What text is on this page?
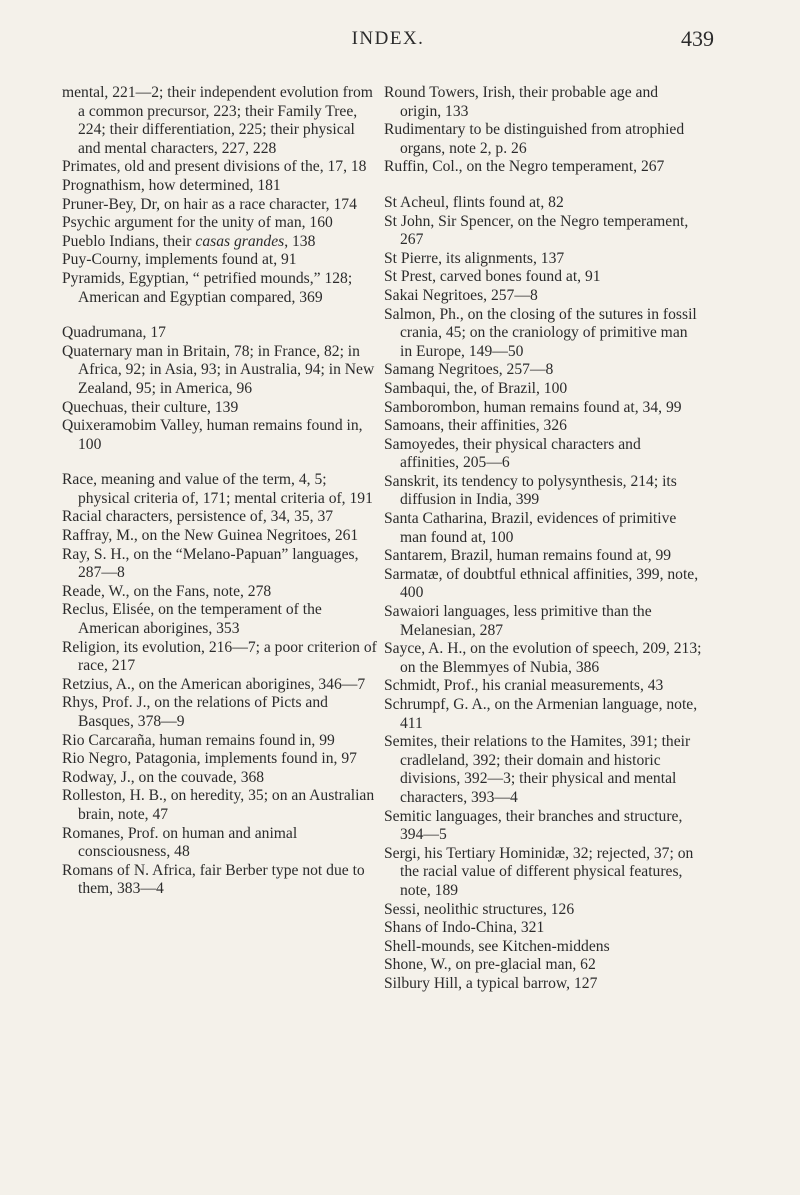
INDEX.	439

mental, 221—2; their independent evolution from a common precursor, 223; their Family Tree, 224; their differentiation, 225; their physical and mental characters, 227, 228

Primates, old and present divisions of the, 17, 18

Prognathism, how determined, 181

Pruner-Bey, Dr, on hair as a race character, 174

Psychic argument for the unity of man, 160

Pueblo Indians, their casas grandes, 138

Puy-Courny, implements found at, 91

Pyramids, Egyptian, “ petrified mounds,” 128; American and Egyptian compared, 369

Quadrumana, 17

Quaternary man in Britain, 78; in France, 82; in Africa, 92; in Asia, 93; in Australia, 94; in New Zealand, 95; in America, 96

Quechuas, their culture, 139

Quixeramobim Valley, human remains found in, 100

Race, meaning and value of the term, 4, 5; physical criteria of, 171; mental criteria of, 191

Racial characters, persistence of, 34, 35, 37

Raffray, M., on the New Guinea Negritoes, 261

Ray, S. H., on the “Melano-Papuan” languages, 287—8

Reade, W., on the Fans, note, 278

Reclus, Elisée, on the temperament of the American aborigines, 353

Religion, its evolution, 216—7; a poor criterion of race, 217

Retzius, A., on the American aborigines, 346—7

Rhys, Prof. J., on the relations of Picts and Basques, 378—9

Rio Carcaraña, human remains found in, 99

Rio Negro, Patagonia, implements found in, 97

Rodway, J., on the couvade, 368

Rolleston, H. B., on heredity, 35; on an Australian brain, note, 47

Romanes, Prof. on human and animal consciousness, 48

Romans of N. Africa, fair Berber type not due to them, 383—4

Round Towers, Irish, their probable age and origin, 133

Rudimentary to be distinguished from atrophied organs, note 2, p. 26

Ruffin, Col., on the Negro temperament, 267

St Acheul, flints found at, 82

St John, Sir Spencer, on the Negro temperament, 267

St Pierre, its alignments, 137

St Prest, carved bones found at, 91

Sakai Negritoes, 257—8

Salmon, Ph., on the closing of the sutures in fossil crania, 45; on the craniology of primitive man in Europe, 149—50

Samang Negritoes, 257—8

Sambaqui, the, of Brazil, 100

Samborombon, human remains found at, 34, 99

Samoans, their affinities, 326

Samoyedes, their physical characters and affinities, 205—6

Sanskrit, its tendency to polysynthesis, 214; its diffusion in India, 399

Santa Catharina, Brazil, evidences of primitive man found at, 100

Santarem, Brazil, human remains found at, 99

Sarmatæ, of doubtful ethnical affinities, 399, note, 400

Sawaiori languages, less primitive than the Melanesian, 287

Sayce, A. H., on the evolution of speech, 209, 213; on the Blemmyes of Nubia, 386

Schmidt, Prof., his cranial measurements, 43

Schrumpf, G. A., on the Armenian language, note, 411

Semites, their relations to the Hamites, 391; their cradleland, 392; their domain and historic divisions, 392—3; their physical and mental characters, 393—4

Semitic languages, their branches and structure, 394—5

Sergi, his Tertiary Hominidæ, 32; rejected, 37; on the racial value of different physical features, note, 189

Sessi, neolithic structures, 126

Shans of Indo-China, 321

Shell-mounds, see Kitchen-middens

Shone, W., on pre-glacial man, 62

Silbury Hill, a typical barrow, 127
